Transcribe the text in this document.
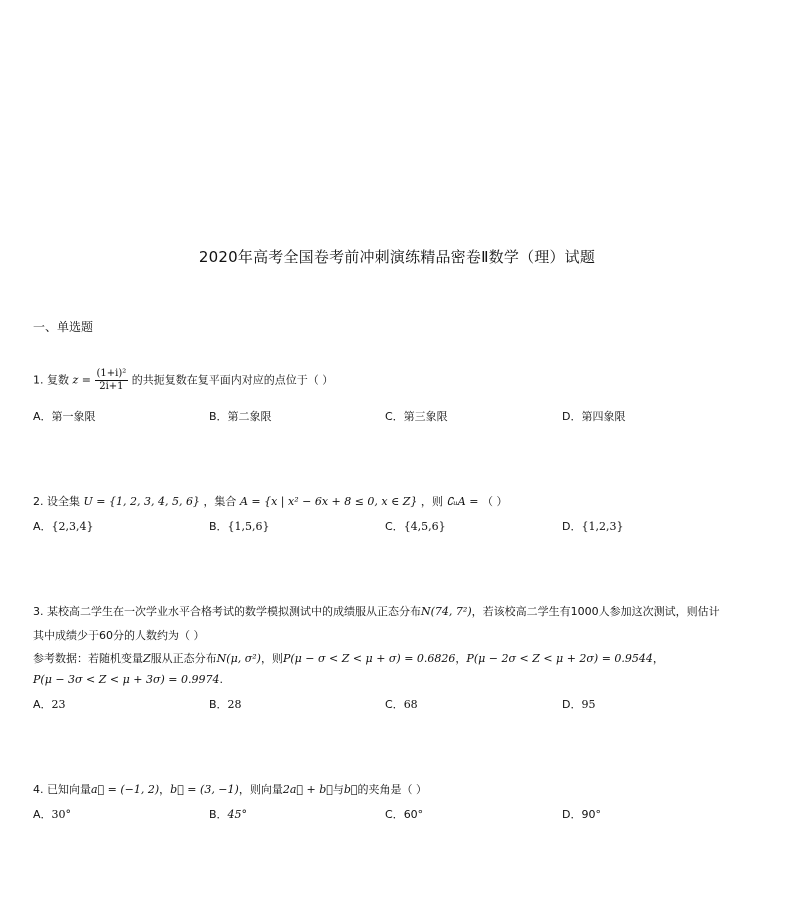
2020年高考全国卷考前冲刺演练精品密卷Ⅱ数学（理）试题
一、单选题
1. 复数 $z = \frac{\text{(1+i)²}}{2i+1}$ 的共扼复数在复平面内对应的点位于（ ）
A．第一象限	B．第二象限	C．第三象限	D．第四象限
2. 设全集 U = {1, 2, 3, 4, 5, 6} ，集合 A = {x | x² − 6x + 8 ≤ 0, x ∈ Z} ，则 ∁ᵤA = （ ）
A．{2,3,4}	B．{1,5,6}	C．{4,5,6}	D．{1,2,3}
3. 某校高二学生在一次学业水平合格考试的数学模拟测试中的成绩服从正态分布N(74, 7²)，若该校高二学生有1000人参加这次测试，则估计
其中成绩少于60分的人数约为（ ）
参考数据：若随机变量Z服从正态分布N(μ, σ²)，则P(μ − σ < Z < μ + σ) = 0.6826，P(μ − 2σ < Z < μ + 2σ) = 0.9544，
P(μ − 3σ < Z < μ + 3σ) = 0.9974.
A．23	B．28	C．68	D．95
4. 已知向量a⃗ = (−1, 2)，b⃗ = (3, −1)，则向量2a⃗ + b⃗与b⃗的夹角是（ ）
A．30°	B．45°	C．60°	D．90°
